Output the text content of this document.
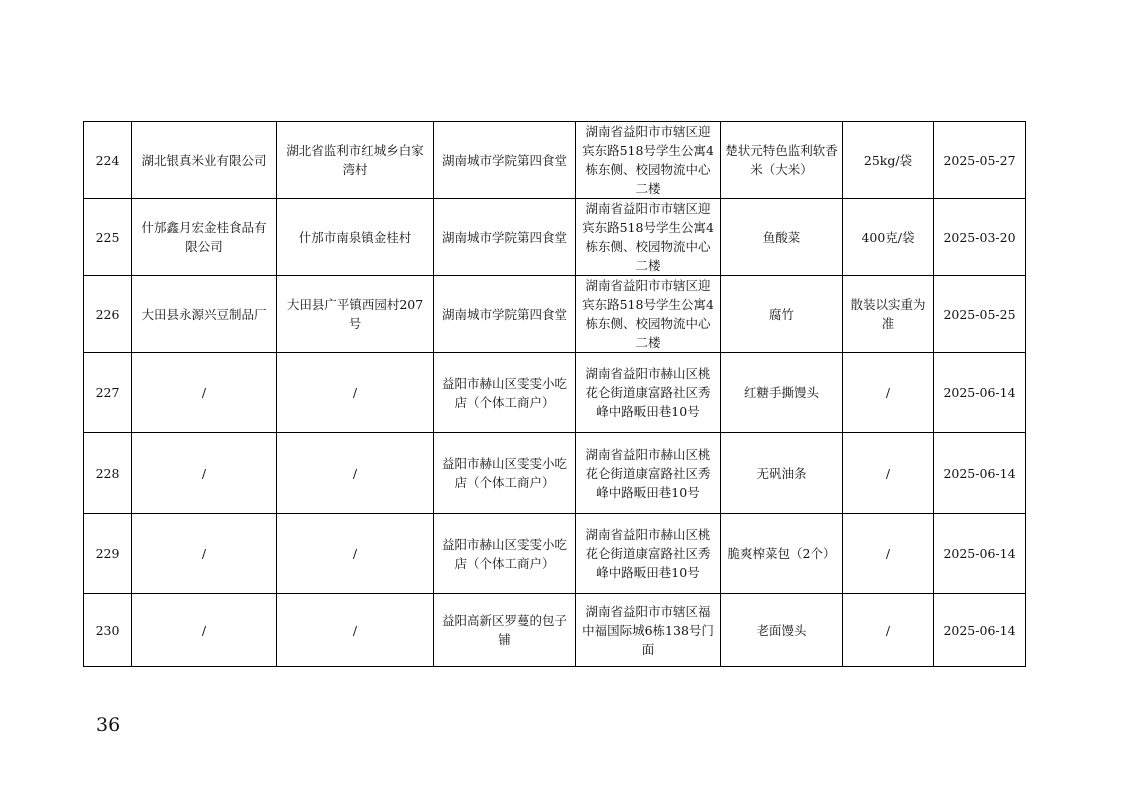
224	湖北银真米业有限公司	湖北省监利市红城乡白家湾村	湖南城市学院第四食堂	湖南省益阳市市辖区迎宾东路518号学生公寓4栋东侧、校园物流中心二楼	楚状元特色监利软香米（大米）	25kg/袋	2025-05-27
225	什邡鑫月宏金桂食品有限公司	什邡市南泉镇金桂村	湖南城市学院第四食堂	湖南省益阳市市辖区迎宾东路518号学生公寓4栋东侧、校园物流中心二楼	鱼酸菜	400克/袋	2025-03-20
226	大田县永源兴豆制品厂	大田县广平镇西园村207号	湖南城市学院第四食堂	湖南省益阳市市辖区迎宾东路518号学生公寓4栋东侧、校园物流中心二楼	腐竹	散装以实重为准	2025-05-25
227	/	/	益阳市赫山区雯雯小吃店（个体工商户）	湖南省益阳市赫山区桃花仑街道康富路社区秀峰中路畈田巷10号	红糖手撕馒头	/	2025-06-14
228	/	/	益阳市赫山区雯雯小吃店（个体工商户）	湖南省益阳市赫山区桃花仑街道康富路社区秀峰中路畈田巷10号	无矾油条	/	2025-06-14
229	/	/	益阳市赫山区雯雯小吃店（个体工商户）	湖南省益阳市赫山区桃花仑街道康富路社区秀峰中路畈田巷10号	脆爽榨菜包（2个）	/	2025-06-14
230	/	/	益阳高新区罗蔓的包子铺	湖南省益阳市市辖区福中福国际城6栋138号门面	老面馒头	/	2025-06-14
36
